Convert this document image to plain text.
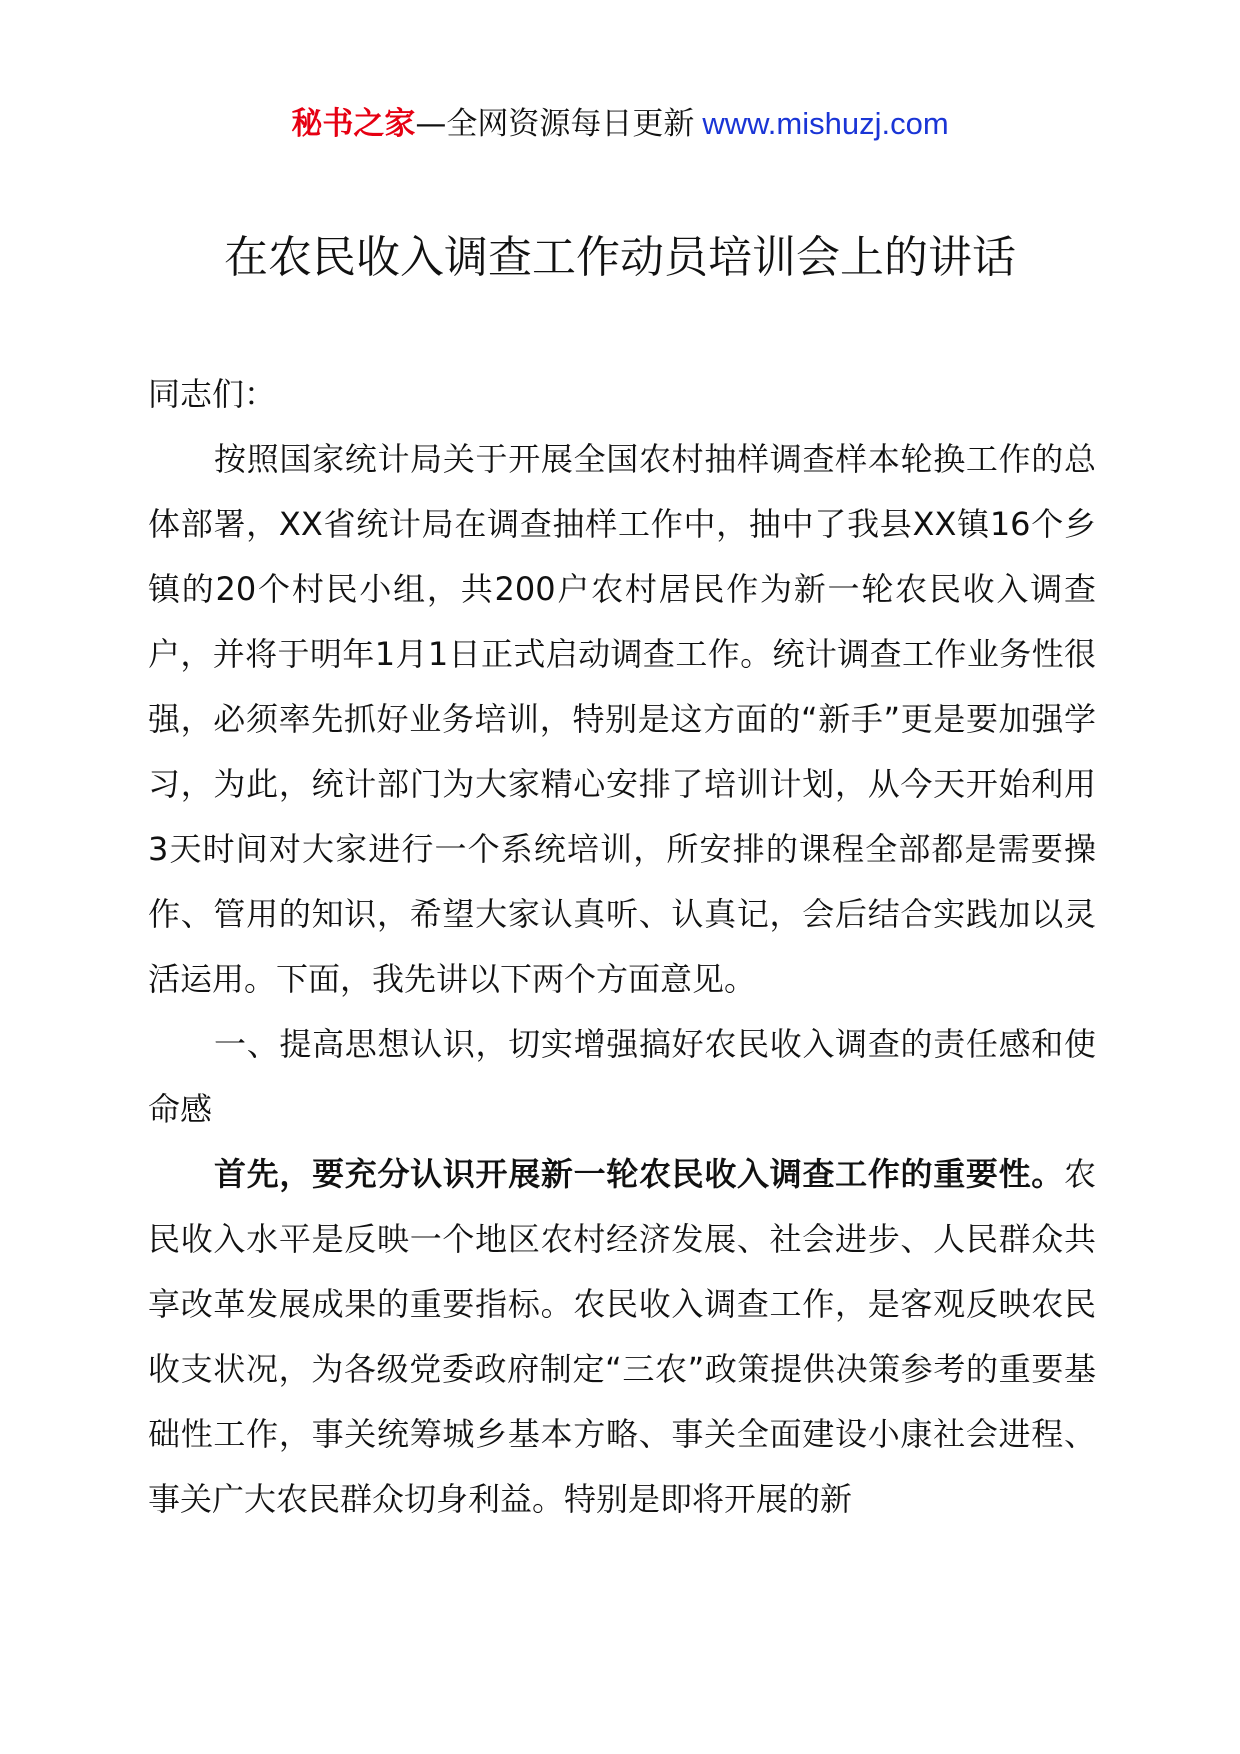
秘书之家—全网资源每日更新 www.mishuzj.com
在农民收入调查工作动员培训会上的讲话

同志们：

按照国家统计局关于开展全国农村抽样调查样本轮换工作的总体部署，XX省统计局在调查抽样工作中，抽中了我县XX镇16个乡镇的20个村民小组，共200户农村居民作为新一轮农民收入调查户，并将于明年1月1日正式启动调查工作。统计调查工作业务性很强，必须率先抓好业务培训，特别是这方面的“新手”更是要加强学习，为此，统计部门为大家精心安排了培训计划，从今天开始利用3天时间对大家进行一个系统培训，所安排的课程全部都是需要操作、管用的知识，希望大家认真听、认真记，会后结合实践加以灵活运用。下面，我先讲以下两个方面意见。

一、提高思想认识，切实增强搞好农民收入调查的责任感和使命感

首先，要充分认识开展新一轮农民收入调查工作的重要性。农民收入水平是反映一个地区农村经济发展、社会进步、人民群众共享改革发展成果的重要指标。农民收入调查工作，是客观反映农民收支状况，为各级党委政府制定“三农”政策提供决策参考的重要基础性工作，事关统筹城乡基本方略、事关全面建设小康社会进程、事关广大农民群众切身利益。特别是即将开展的新
